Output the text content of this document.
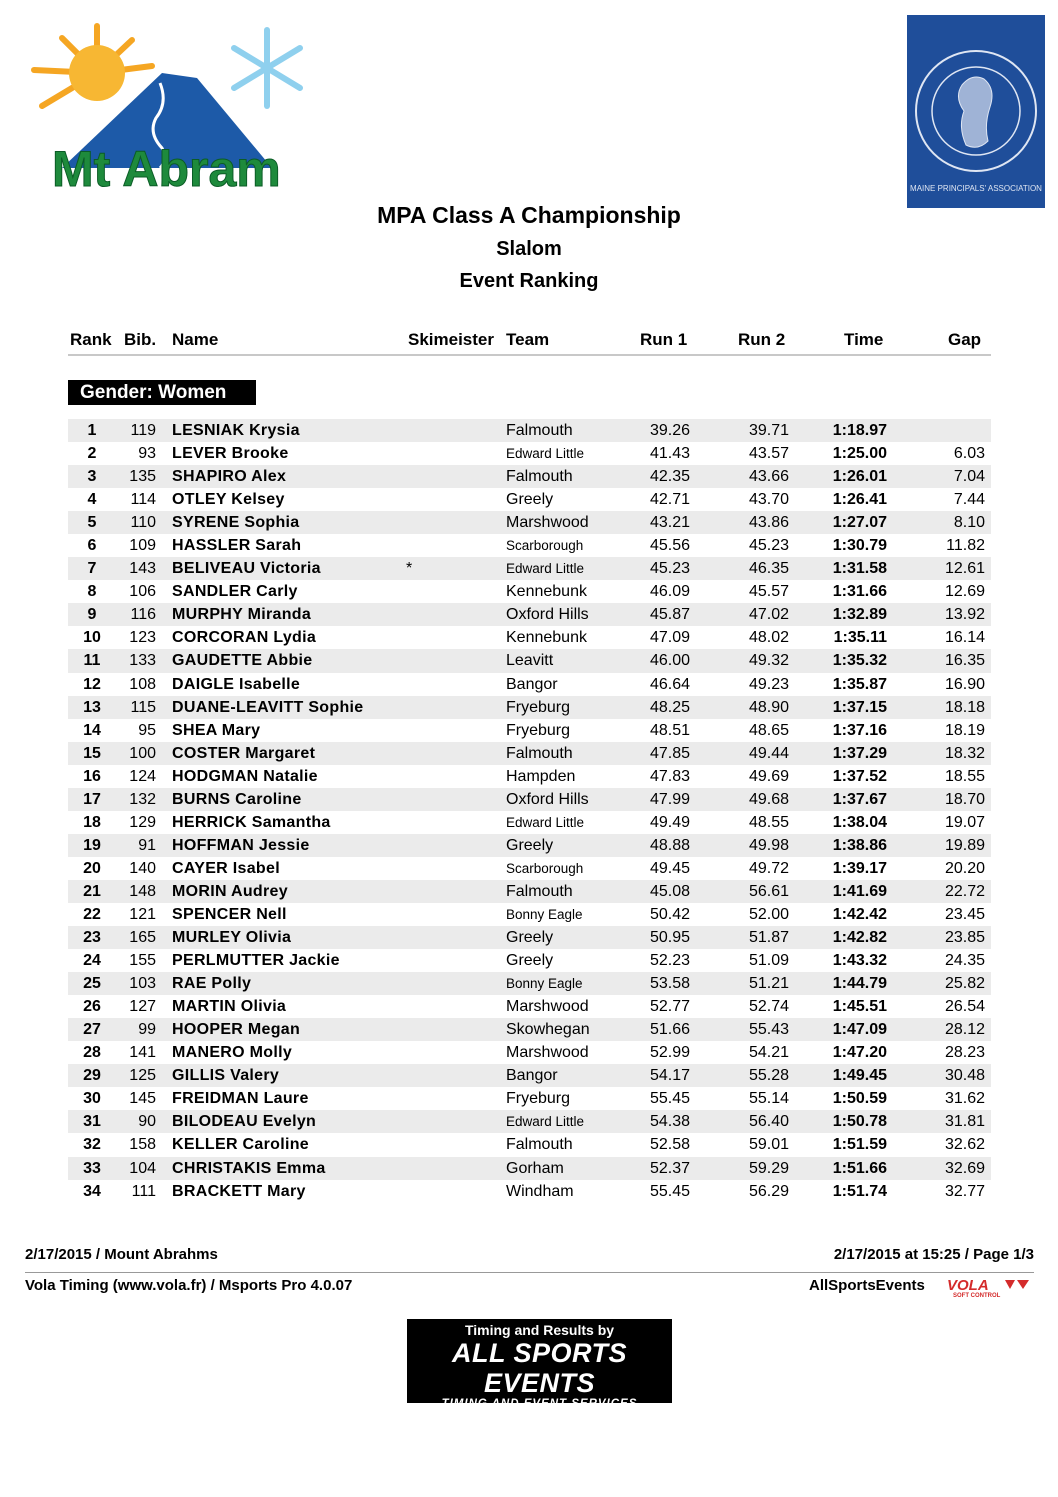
Mt Abram	MAINE PRINCIPALS' ASSOCIATION
MPA Class A Championship
Slalom
Event Ranking
Rank Bib. Name	Skimeister Team	Run 1	Run 2	Time	Gap
Gender: Women
1	119 LESNIAK Krysia	Falmouth	39.26	39.71	1:18.97
2	93 LEVER Brooke	Edward Little	41.43	43.57	1:25.00	6.03
3	135 SHAPIRO Alex	Falmouth	42.35	43.66	1:26.01	7.04
4	114 OTLEY Kelsey	Greely	42.71	43.70	1:26.41	7.44
5	110 SYRENE Sophia	Marshwood	43.21	43.86	1:27.07	8.10
6	109 HASSLER Sarah	Scarborough	45.56	45.23	1:30.79	11.82
7	143 BELIVEAU Victoria	*	Edward Little	45.23	46.35	1:31.58	12.61
8	106 SANDLER Carly	Kennebunk	46.09	45.57	1:31.66	12.69
9	116 MURPHY Miranda	Oxford Hills	45.87	47.02	1:32.89	13.92
10	123 CORCORAN Lydia	Kennebunk	47.09	48.02	1:35.11	16.14
11	133 GAUDETTE Abbie	Leavitt	46.00	49.32	1:35.32	16.35
12	108 DAIGLE Isabelle	Bangor	46.64	49.23	1:35.87	16.90
13	115 DUANE-LEAVITT Sophie	Fryeburg	48.25	48.90	1:37.15	18.18
14	95 SHEA Mary	Fryeburg	48.51	48.65	1:37.16	18.19
15	100 COSTER Margaret	Falmouth	47.85	49.44	1:37.29	18.32
16	124 HODGMAN Natalie	Hampden	47.83	49.69	1:37.52	18.55
17	132 BURNS Caroline	Oxford Hills	47.99	49.68	1:37.67	18.70
18	129 HERRICK Samantha	Edward Little	49.49	48.55	1:38.04	19.07
19	91 HOFFMAN Jessie	Greely	48.88	49.98	1:38.86	19.89
20	140 CAYER Isabel	Scarborough	49.45	49.72	1:39.17	20.20
21	148 MORIN Audrey	Falmouth	45.08	56.61	1:41.69	22.72
22	121 SPENCER Nell	Bonny Eagle	50.42	52.00	1:42.42	23.45
23	165 MURLEY Olivia	Greely	50.95	51.87	1:42.82	23.85
24	155 PERLMUTTER Jackie	Greely	52.23	51.09	1:43.32	24.35
25	103 RAE Polly	Bonny Eagle	53.58	51.21	1:44.79	25.82
26	127 MARTIN Olivia	Marshwood	52.77	52.74	1:45.51	26.54
27	99 HOOPER Megan	Skowhegan	51.66	55.43	1:47.09	28.12
28	141 MANERO Molly	Marshwood	52.99	54.21	1:47.20	28.23
29	125 GILLIS Valery	Bangor	54.17	55.28	1:49.45	30.48
30	145 FREIDMAN Laure	Fryeburg	55.45	55.14	1:50.59	31.62
31	90 BILODEAU Evelyn	Edward Little	54.38	56.40	1:50.78	31.81
32	158 KELLER Caroline	Falmouth	52.58	59.01	1:51.59	32.62
33	104 CHRISTAKIS Emma	Gorham	52.37	59.29	1:51.66	32.69
34	111 BRACKETT Mary	Windham	55.45	56.29	1:51.74	32.77
2/17/2015 / Mount Abrahms	2/17/2015 at 15:25 / Page 1/3
Vola Timing (www.vola.fr) / Msports Pro 4.0.07	AllSportsEvents VOLA
SOFT CONTROL
Timing and Results by
ALL SPORTS EVENTS
TIMING AND EVENT SERVICES
www.allsportsevents.com
